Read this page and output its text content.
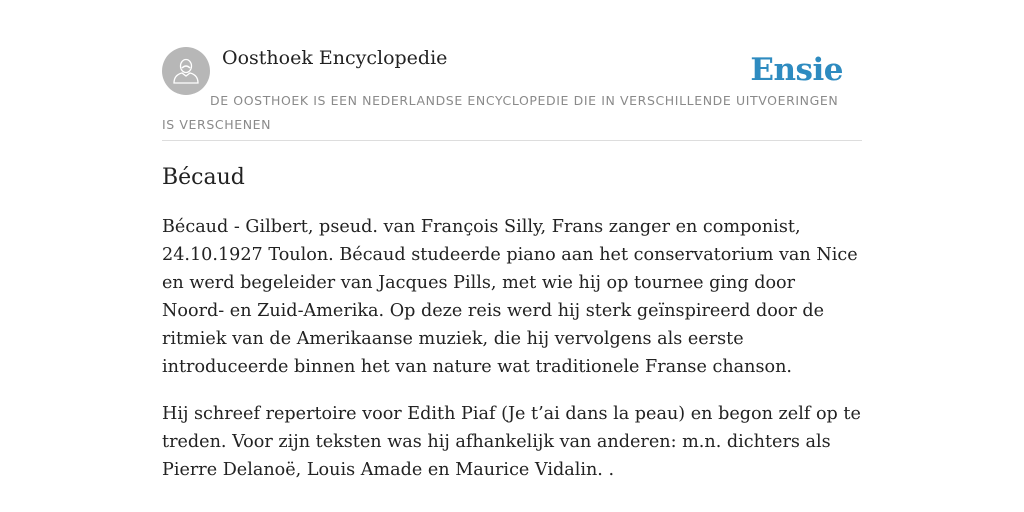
Oosthoek Encyclopedie	Ensie
DE OOSTHOEK IS EEN NEDERLANDSE ENCYCLOPEDIE DIE IN VERSCHILLENDE UITVOERINGEN IS VERSCHENEN
Bécaud

Bécaud - Gilbert, pseud. van François Silly, Frans zanger en componist, 24.10.1927 Toulon. Bécaud studeerde piano aan het conservatorium van Nice en werd begeleider van Jacques Pills, met wie hij op tournee ging door Noord- en Zuid-Amerika. Op deze reis werd hij sterk geïnspireerd door de ritmiek van de Amerikaanse muziek, die hij vervolgens als eerste introduceerde binnen het van nature wat traditionele Franse chanson.

Hij schreef repertoire voor Edith Piaf (Je t’ai dans la peau) en begon zelf op te treden. Voor zijn teksten was hij afhankelijk van anderen: m.n. dichters als Pierre Delanoë, Louis Amade en Maurice Vidalin. .
